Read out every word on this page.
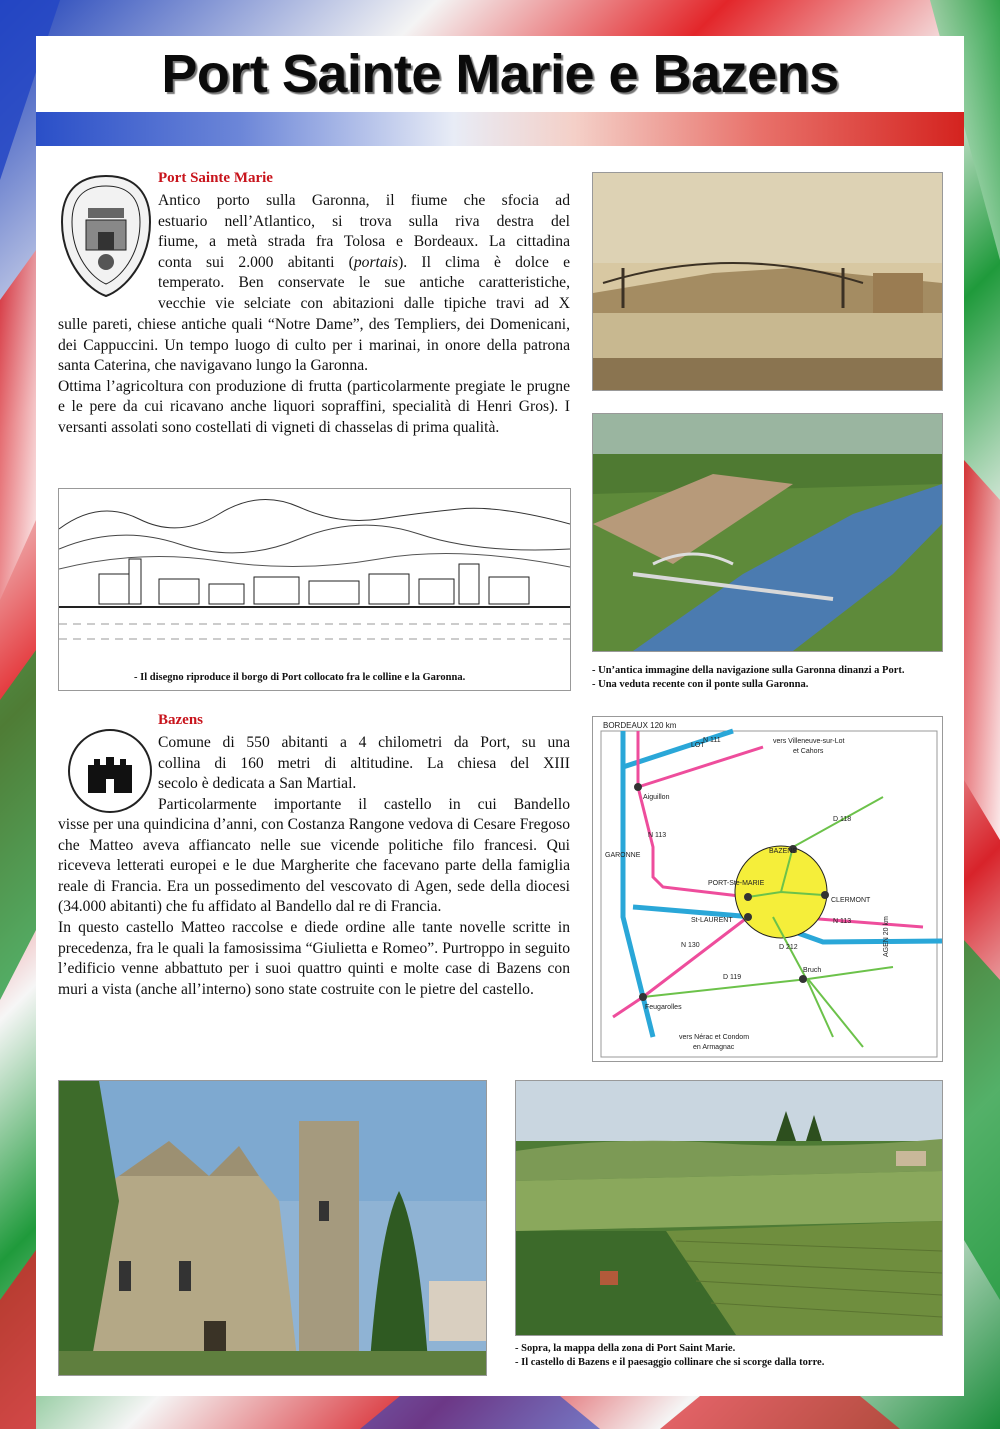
Port Sainte Marie e Bazens
Port Sainte Marie

Antico porto sulla Garonna, il fiume che sfocia ad

estuario nell’Atlantico, si trova sulla riva destra del

fiume, a metà strada fra Tolosa e Bordeaux. La cittadina

conta sui 2.000 abitanti (portais). Il clima è dolce e

temperato. Ben conservate le sue antiche caratteristiche,

vecchie vie selciate con abitazioni dalle tipiche travi ad X

sulle pareti, chiese antiche quali “Notre Dame”, des Templiers, dei Domenicani, dei Cappuccini. Un tempo luogo di culto per i marinai, in onore della patrona santa Caterina, che navigavano lungo la Garonna.

Ottima l’agricoltura con produzione di frutta (particolarmente pregiate le prugne e le pere da cui ricavano anche liquori sopraffini, specialità di Henri Gros). I versanti assolati sono costellati di vigneti di chasselas di prima qualità.

- Il disegno riproduce il borgo di Port collocato fra le colline e la Garonna.
- Un’antica immagine della navigazione sulla Garonna dinanzi a Port.
- Una veduta recente con il ponte sulla Garonna.
Bazens

Comune di 550 abitanti a 4 chilometri da Port, su una

collina di 160 metri di altitudine. La chiesa del XIII

secolo è dedicata a San Martial.

Particolarmente importante il castello in cui Bandello

visse per una quindicina d’anni, con Costanza Rangone vedova di Cesare Fregoso che Matteo aveva affiancato nelle sue vicende politiche filo francesi. Qui riceveva letterati europei e le due Margherite che facevano parte della famiglia reale di Francia. Era un possedimento del vescovato di Agen, sede della diocesi (34.000 abitanti) che fu affidato al Bandello dal re di Francia.

In questo castello Matteo raccolse e diede ordine alle tante novelle scritte in precedenza, fra le quali la famosissima “Giulietta e Romeo”. Purtroppo in seguito l’edificio venne abbattuto per i suoi quattro quinti e molte case di Bazens con muri a vista (anche all’interno) sono state costruite con le pietre del castello.

BORDEAUX 120 km
LOT
N 111	vers Villeneuve-sur-Lot
et Cahors
Aiguillon
N 113
GARONNE
D 118
BAZENS
PORT-Ste-MARIE
CLERMONT
St-LAURENT	N 113
N 130	D 212
Bruch
D 119
Feugarolles
AGEN 20 km
vers Nérac et Condom
en Armagnac
- Sopra, la mappa della zona di Port Saint Marie.
- Il castello di Bazens e il paesaggio collinare che si scorge dalla torre.
